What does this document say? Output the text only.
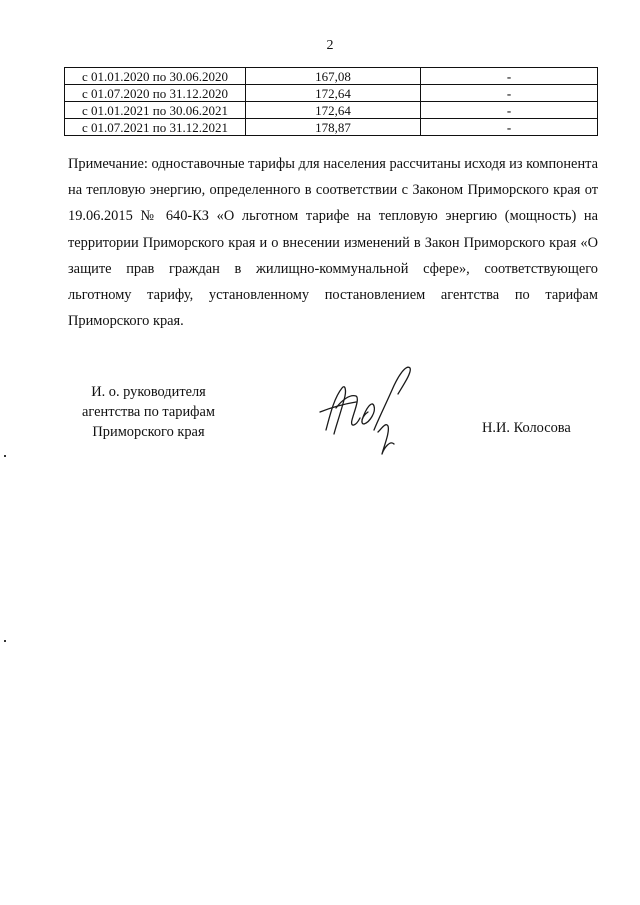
2
с 01.01.2020 по 30.06.2020	167,08	-
с 01.07.2020 по 31.12.2020	172,64	-
с 01.01.2021 по 30.06.2021	172,64	-
с 01.07.2021 по 31.12.2021	178,87	-
Примечание: одноставочные тарифы для населения рассчитаны исходя из компонента на тепловую энергию, определенного в соответствии с Законом Приморского края от 19.06.2015 № 640-КЗ «О льготном тарифе на тепловую энергию (мощность) на территории Приморского края и о внесении изменений в Закон Приморского края «О защите прав граждан в жилищно-коммунальной сфере», соответствующего льготному тарифу, установленному постановлением агентства по тарифам Приморского края.
И. о. руководителя
агентства по тарифам
Приморского края	Н.И. Колосова
